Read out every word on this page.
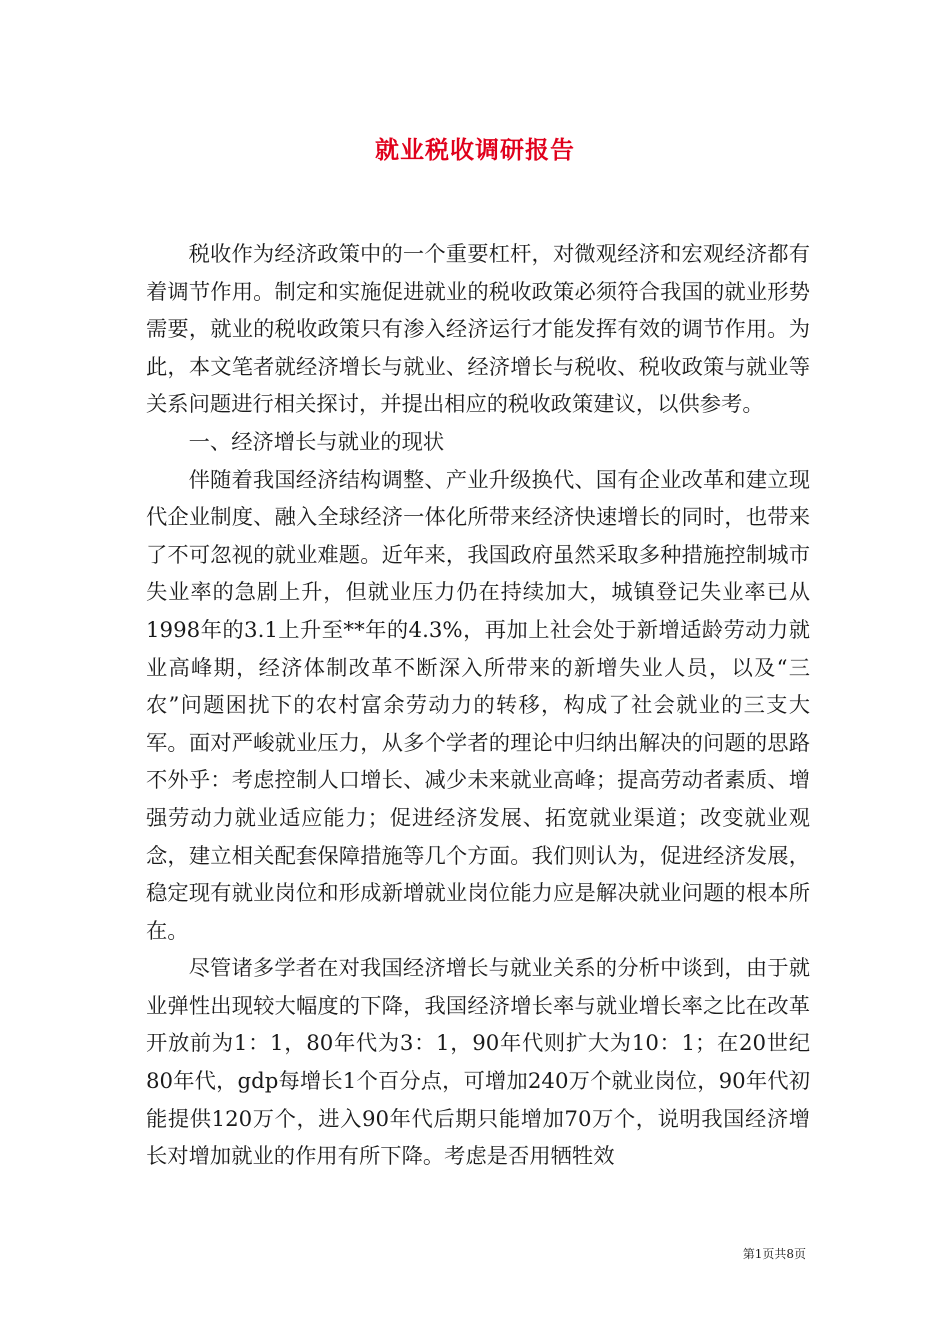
就业税收调研报告

税收作为经济政策中的一个重要杠杆，对微观经济和宏观经济都有着调节作用。制定和实施促进就业的税收政策必须符合我国的就业形势需要，就业的税收政策只有渗入经济运行才能发挥有效的调节作用。为此，本文笔者就经济增长与就业、经济增长与税收、税收政策与就业等关系问题进行相关探讨，并提出相应的税收政策建议，以供参考。

一、经济增长与就业的现状

伴随着我国经济结构调整、产业升级换代、国有企业改革和建立现代企业制度、融入全球经济一体化所带来经济快速增长的同时，也带来了不可忽视的就业难题。近年来，我国政府虽然采取多种措施控制城市失业率的急剧上升，但就业压力仍在持续加大，城镇登记失业率已从1998年的3.1上升至**年的4.3%，再加上社会处于新增适龄劳动力就业高峰期，经济体制改革不断深入所带来的新增失业人员，以及“三农”问题困扰下的农村富余劳动力的转移，构成了社会就业的三支大军。面对严峻就业压力，从多个学者的理论中归纳出解决的问题的思路不外乎：考虑控制人口增长、减少未来就业高峰；提高劳动者素质、增强劳动力就业适应能力；促进经济发展、拓宽就业渠道；改变就业观念，建立相关配套保障措施等几个方面。我们则认为，促进经济发展，稳定现有就业岗位和形成新增就业岗位能力应是解决就业问题的根本所在。

尽管诸多学者在对我国经济增长与就业关系的分析中谈到，由于就业弹性出现较大幅度的下降，我国经济增长率与就业增长率之比在改革开放前为1：1，80年代为3：1，90年代则扩大为10：1；在20世纪80年代，gdp每增长1个百分点，可增加240万个就业岗位，90年代初能提供120万个，进入90年代后期只能增加70万个，说明我国经济增长对增加就业的作用有所下降。考虑是否用牺牲效

第1页共8页
